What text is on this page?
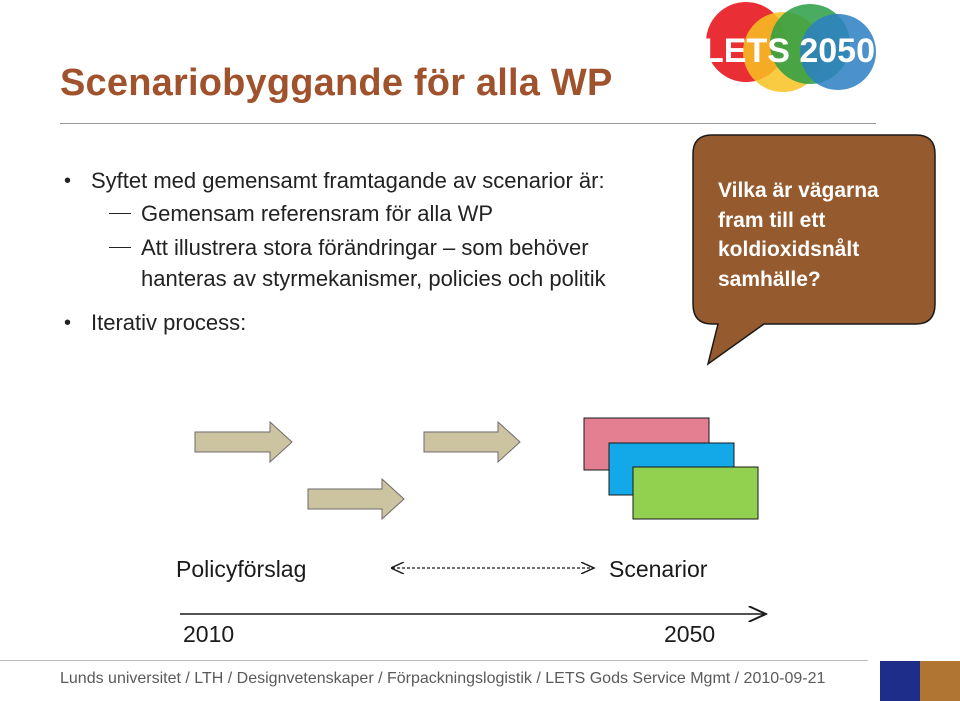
Scenariobyggande för alla WP
LETS 2050
• Syftet med gemensamt framtagande av scenarior är:
Gemensam referensram för alla WP
Att illustrera stora förändringar – som behöver
hanteras av styrmekanismer, policies och politik
• Iterativ process:
Vilka är vägarna
fram till ett
koldioxidsnålt
samhälle?
Policyförslag	Scenarior
2010	2050
Lunds universitet / LTH / Designvetenskaper / Förpackningslogistik / LETS Gods Service Mgmt / 2010-09-21
